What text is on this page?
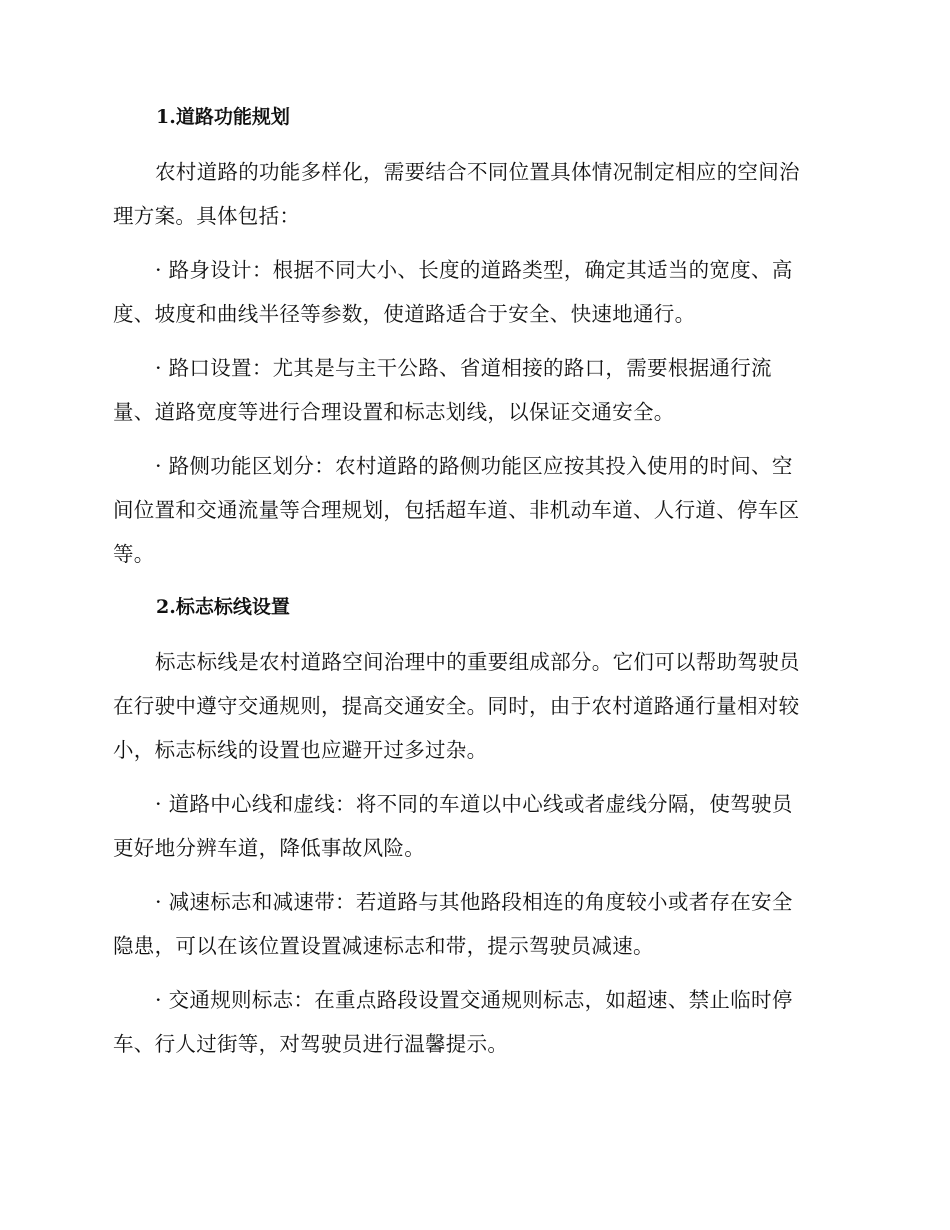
1.道路功能规划

农村道路的功能多样化，需要结合不同位置具体情况制定相应的空间治
理方案。具体包括：

· 路身设计：根据不同大小、长度的道路类型，确定其适当的宽度、高
度、坡度和曲线半径等参数，使道路适合于安全、快速地通行。

· 路口设置：尤其是与主干公路、省道相接的路口，需要根据通行流
量、道路宽度等进行合理设置和标志划线，以保证交通安全。

· 路侧功能区划分：农村道路的路侧功能区应按其投入使用的时间、空
间位置和交通流量等合理规划，包括超车道、非机动车道、人行道、停车区
等。

2.标志标线设置

标志标线是农村道路空间治理中的重要组成部分。它们可以帮助驾驶员
在行驶中遵守交通规则，提高交通安全。同时，由于农村道路通行量相对较
小，标志标线的设置也应避开过多过杂。

· 道路中心线和虚线：将不同的车道以中心线或者虚线分隔，使驾驶员
更好地分辨车道，降低事故风险。

· 减速标志和减速带：若道路与其他路段相连的角度较小或者存在安全
隐患，可以在该位置设置减速标志和带，提示驾驶员减速。

· 交通规则标志：在重点路段设置交通规则标志，如超速、禁止临时停
车、行人过街等，对驾驶员进行温馨提示。
